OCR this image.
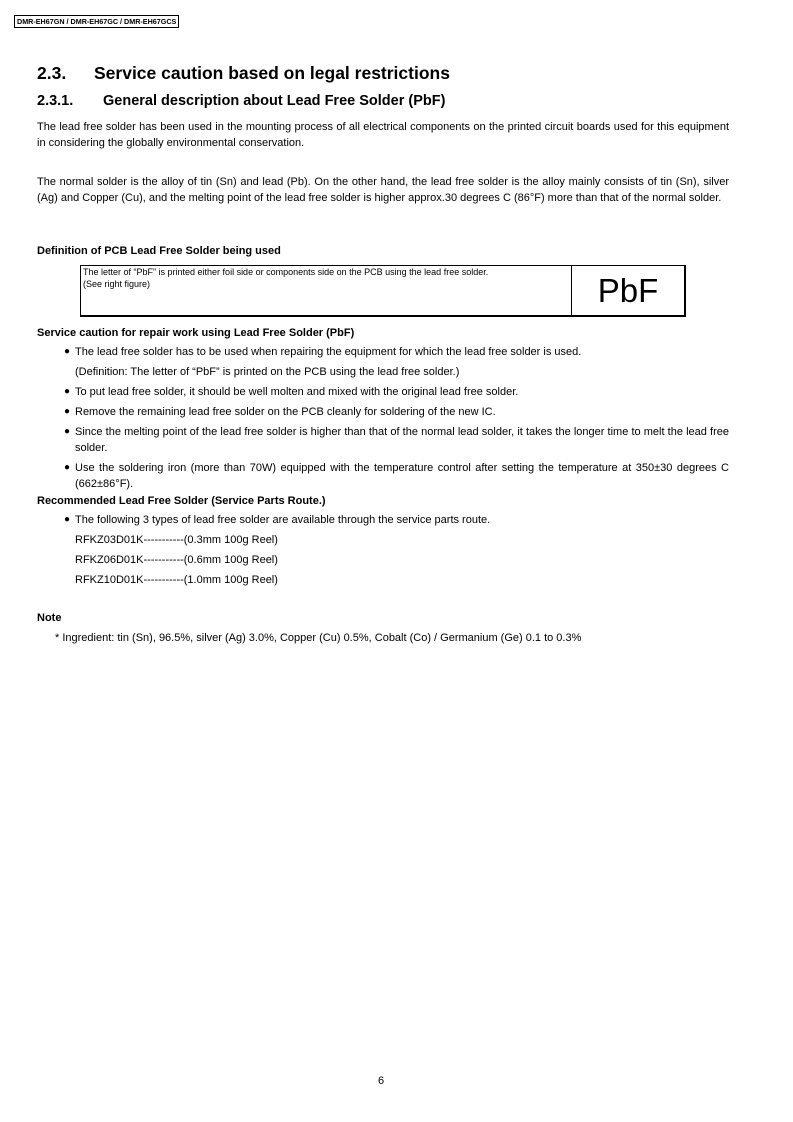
DMR-EH67GN / DMR-EH67GC / DMR-EH67GCS
2.3. Service caution based on legal restrictions
2.3.1. General description about Lead Free Solder (PbF)

The lead free solder has been used in the mounting process of all electrical components on the printed circuit boards used for this equipment in considering the globally environmental conservation.

The normal solder is the alloy of tin (Sn) and lead (Pb). On the other hand, the lead free solder is the alloy mainly consists of tin (Sn), silver (Ag) and Copper (Cu), and the melting point of the lead free solder is higher approx.30 degrees C (86°F) more than that of the normal solder.

Definition of PCB Lead Free Solder being used
The letter of “PbF” is printed either foil side or components side on the PCB using the lead free solder.
(See right figure)	PbF
Service caution for repair work using Lead Free Solder (PbF)
● The lead free solder has to be used when repairing the equipment for which the lead free solder is used.
(Definition: The letter of “PbF” is printed on the PCB using the lead free solder.)
● To put lead free solder, it should be well molten and mixed with the original lead free solder.
● Remove the remaining lead free solder on the PCB cleanly for soldering of the new IC.
● Since the melting point of the lead free solder is higher than that of the normal lead solder, it takes the longer time to melt the lead free solder.
● Use the soldering iron (more than 70W) equipped with the temperature control after setting the temperature at 350±30 degrees C (662±86°F).
Recommended Lead Free Solder (Service Parts Route.)
● The following 3 types of lead free solder are available through the service parts route.
RFKZ03D01K-----------(0.3mm 100g Reel)
RFKZ06D01K-----------(0.6mm 100g Reel)
RFKZ10D01K-----------(1.0mm 100g Reel)
Note
* Ingredient: tin (Sn), 96.5%, silver (Ag) 3.0%, Copper (Cu) 0.5%, Cobalt (Co) / Germanium (Ge) 0.1 to 0.3%
6
